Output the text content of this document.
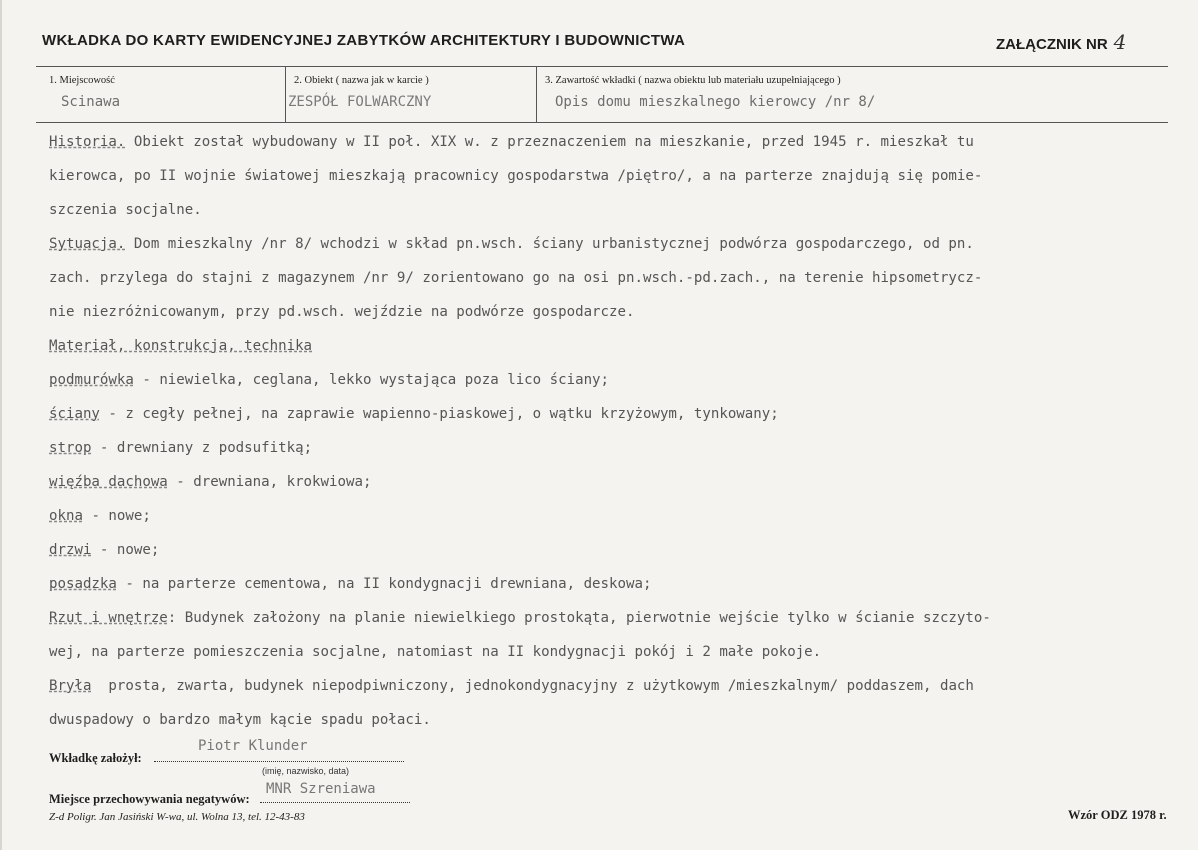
WKŁADKA DO KARTY EWIDENCYJNEJ ZABYTKÓW ARCHITEKTURY I BUDOWNICTWA	ZAŁĄCZNIK NR 4
1. Miejscowość
Scinawa
2. Obiekt ( nazwa jak w karcie )
ZESPÓŁ FOLWARCZNY
3. Zawartość wkładki ( nazwa obiektu lub materiału uzupełniającego )
Opis domu mieszkalnego kierowcy /nr 8/
Historia. Obiekt został wybudowany w II poł. XIX w. z przeznaczeniem na mieszkanie, przed 1945 r. mieszkał tu
kierowca, po II wojnie światowej mieszkają pracownicy gospodarstwa /piętro/, a na parterze znajdują się pomie-
szczenia socjalne.
Sytuacja. Dom mieszkalny /nr 8/ wchodzi w skład pn.wsch. ściany urbanistycznej podwórza gospodarczego, od pn.
zach. przylega do stajni z magazynem /nr 9/ zorientowano go na osi pn.wsch.-pd.zach., na terenie hipsometrycz-
nie niezróżnicowanym, przy pd.wsch. wejździe na podwórze gospodarcze.
Materiał, konstrukcja, technika
podmurówka - niewielka, ceglana, lekko wystająca poza lico ściany;
ściany - z cegły pełnej, na zaprawie wapienno-piaskowej, o wątku krzyżowym, tynkowany;
strop - drewniany z podsufitką;
więźba dachowa - drewniana, krokwiowa;
okna - nowe;
drzwi - nowe;
posadzka - na parterze cementowa, na II kondygnacji drewniana, deskowa;
Rzut i wnętrze: Budynek założony na planie niewielkiego prostokąta, pierwotnie wejście tylko w ścianie szczyto-
wej, na parterze pomieszczenia socjalne, natomiast na II kondygnacji pokój i 2 małe pokoje.
Bryła  prosta, zwarta, budynek niepodpiwniczony, jednokondygnacyjny z użytkowym /mieszkalnym/ poddaszem, dach
dwuspadowy o bardzo małym kącie spadu połaci.
Wkładkę założył:
Piotr Klunder
(imię, nazwisko, data)
Miejsce przechowywania negatywów:
MNR Szreniawa
Z-d Poligr. Jan Jasiński W-wa, ul. Wolna 13, tel. 12-43-83	Wzór ODZ 1978 r.
